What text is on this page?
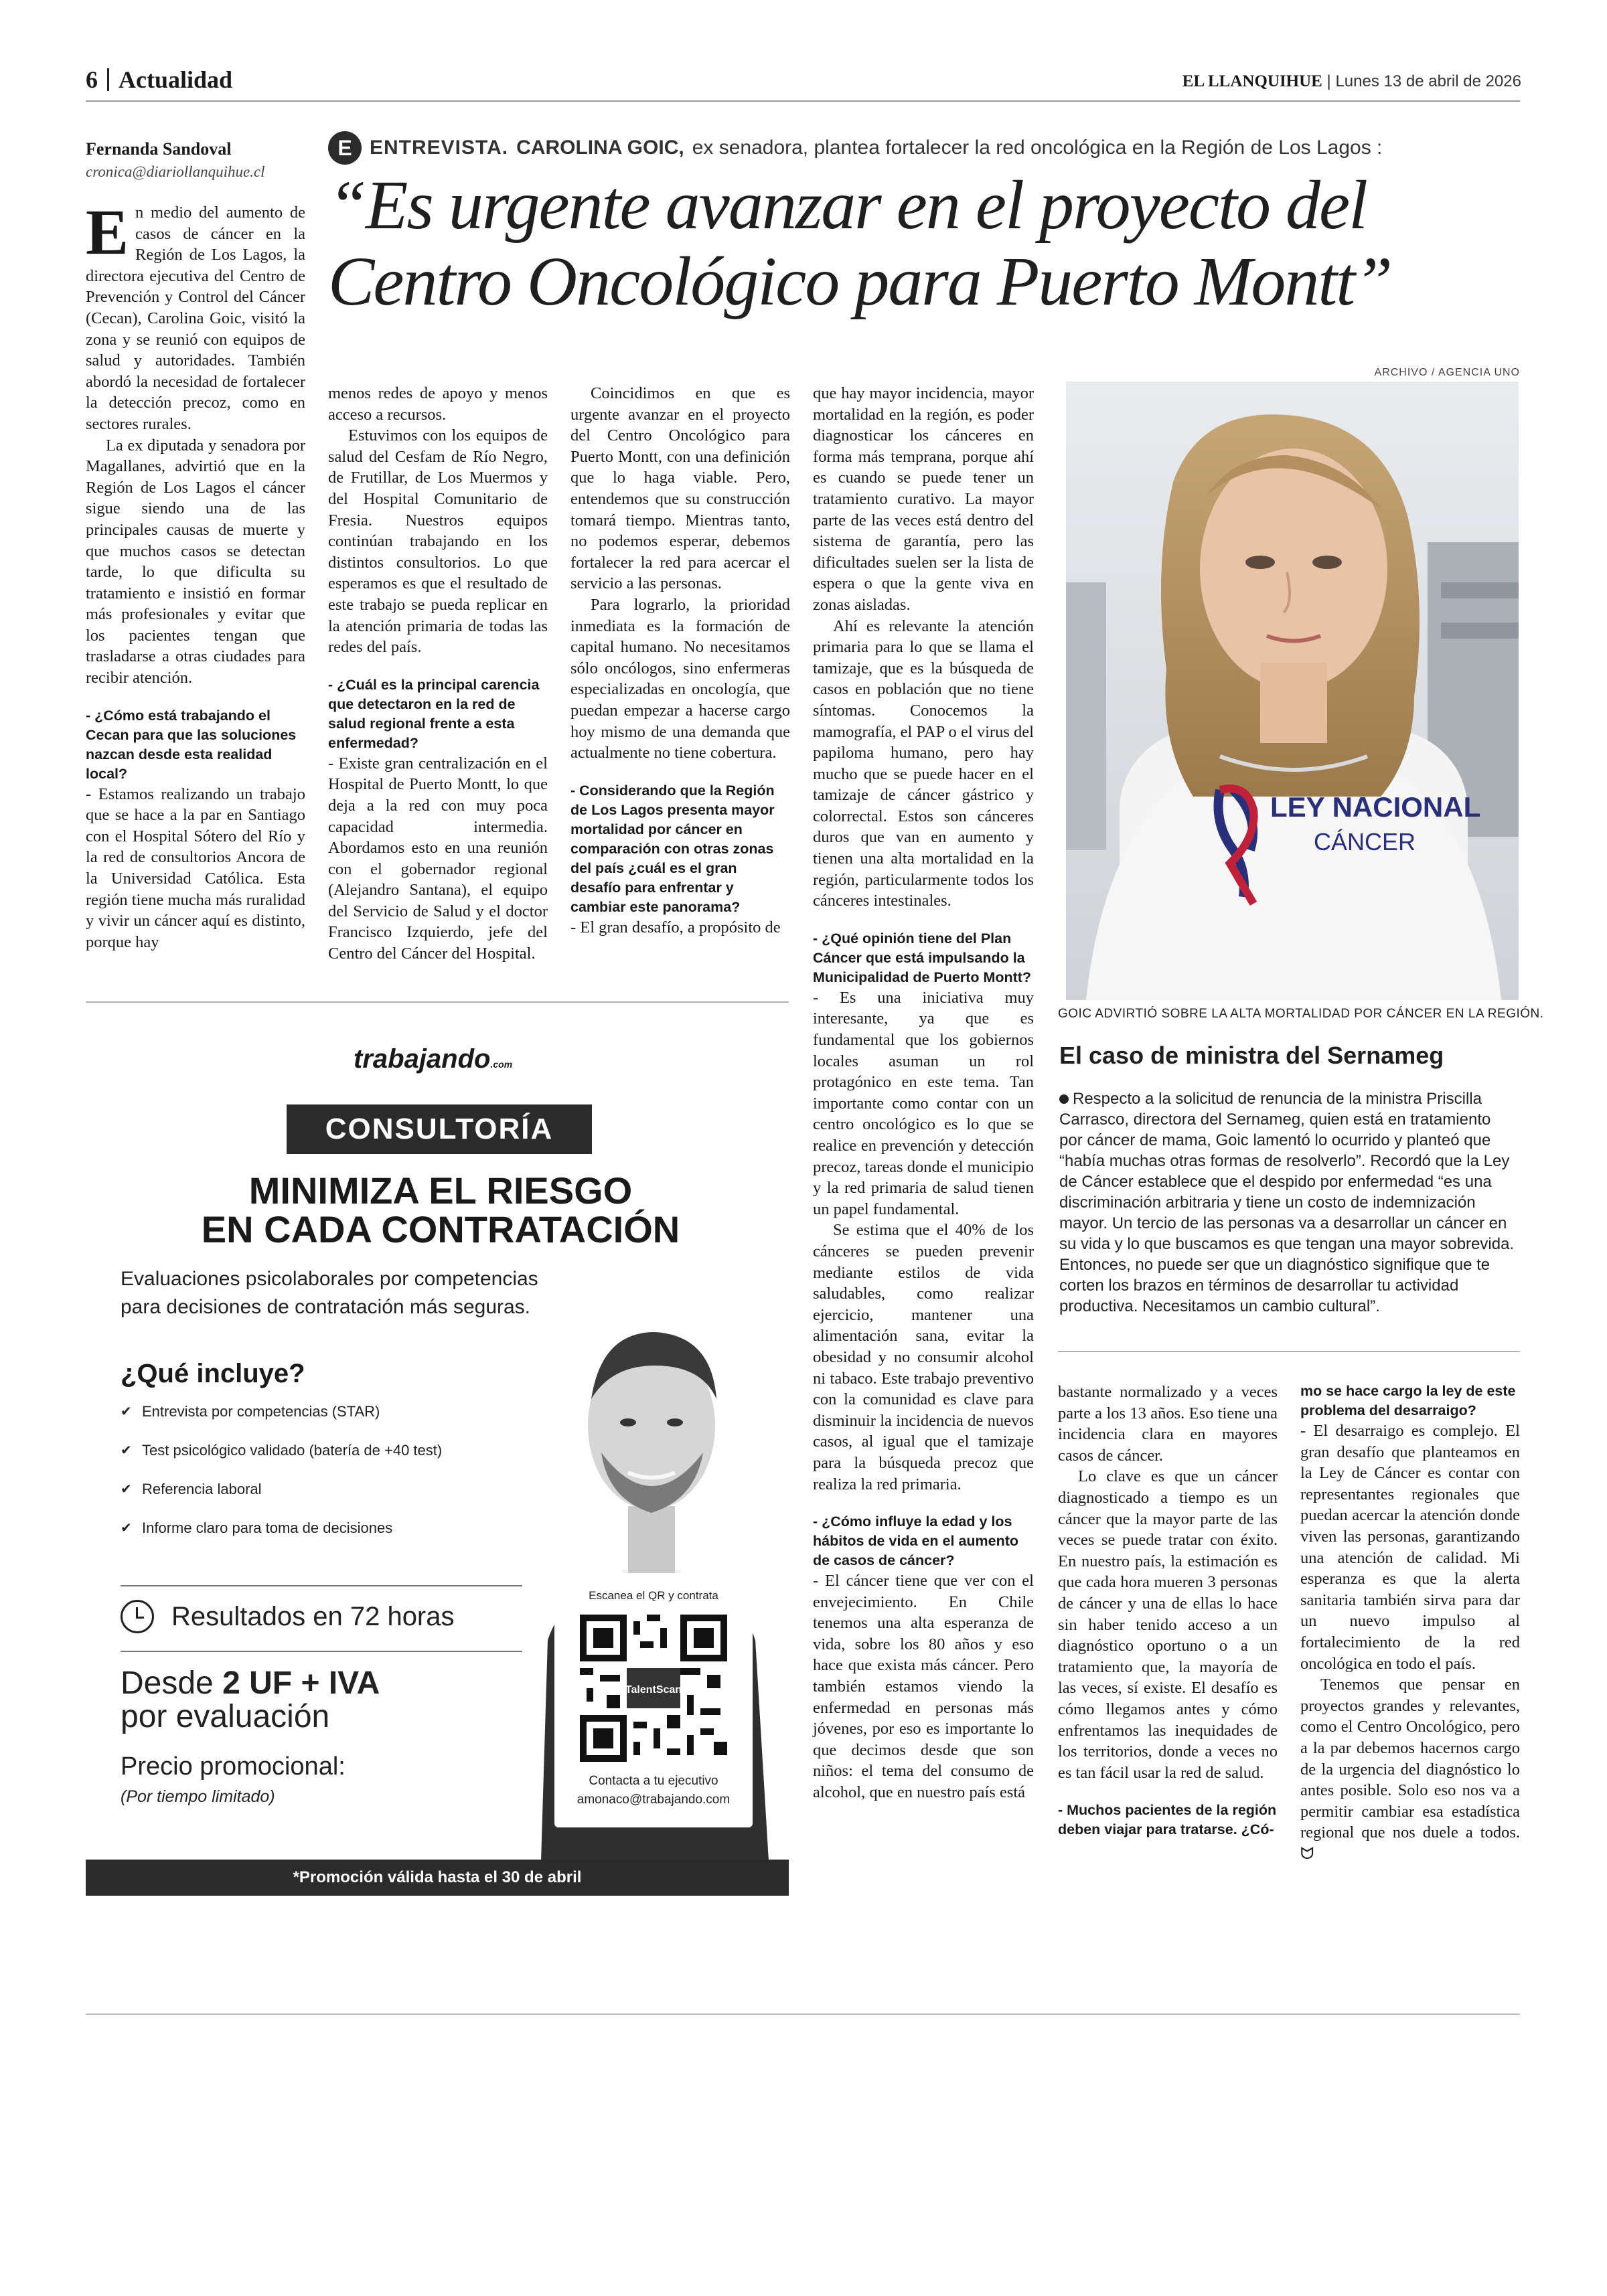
6 Actualidad	EL LLANQUIHUE | Lunes 13 de abril de 2026
Fernanda Sandoval
cronica@diariollanquihue.cl
E ENTREVISTA. CAROLINA GOIC, ex senadora, plantea fortalecer la red oncológica en la Región de Los Lagos :
“Es urgente avanzar en el proyecto del Centro Oncológico para Puerto Montt”
E n medio del aumento de casos de cáncer en la Región de Los Lagos, la directora ejecutiva del Centro de Prevención y Control del Cáncer (Cecan), Carolina Goic, visitó la zona y se reunió con equipos de salud y autoridades. También abordó la necesidad de fortalecer la detección precoz, como en sectores rurales.

La ex diputada y senadora por Magallanes, advirtió que en la Región de Los Lagos el cáncer sigue siendo una de las principales causas de muerte y que muchos casos se detectan tarde, lo que dificulta su tratamiento e insistió en formar más profesionales y evitar que los pacientes tengan que trasladarse a otras ciudades para recibir atención.

- ¿Cómo está trabajando el Cecan para que las soluciones nazcan desde esta realidad local?

- Estamos realizando un trabajo que se hace a la par en Santiago con el Hospital Sótero del Río y la red de consultorios Ancora de la Universidad Católica. Esta región tiene mucha más ruralidad y vivir un cáncer aquí es distinto, porque hay

menos redes de apoyo y menos acceso a recursos.

Estuvimos con los equipos de salud del Cesfam de Río Negro, de Frutillar, de Los Muermos y del Hospital Comunitario de Fresia. Nuestros equipos continúan trabajando en los distintos consultorios. Lo que esperamos es que el resultado de este trabajo se pueda replicar en la atención primaria de todas las redes del país.

- ¿Cuál es la principal carencia que detectaron en la red de salud regional frente a esta enfermedad?

- Existe gran centralización en el Hospital de Puerto Montt, lo que deja a la red con muy poca capacidad intermedia. Abordamos esto en una reunión con el gobernador regional (Alejandro Santana), el equipo del Servicio de Salud y el doctor Francisco Izquierdo, jefe del Centro del Cáncer del Hospital.

Coincidimos en que es urgente avanzar en el proyecto del Centro Oncológico para Puerto Montt, con una definición que lo haga viable. Pero, entendemos que su construcción tomará tiempo. Mientras tanto, no podemos esperar, debemos fortalecer la red para acercar el servicio a las personas.

Para lograrlo, la prioridad inmediata es la formación de capital humano. No necesitamos sólo oncólogos, sino enfermeras especializadas en oncología, que puedan empezar a hacerse cargo hoy mismo de una demanda que actualmente no tiene cobertura.

- Considerando que la Región de Los Lagos presenta mayor mortalidad por cáncer en comparación con otras zonas del país ¿cuál es el gran desafío para enfrentar y cambiar este panorama?

- El gran desafío, a propósito de

que hay mayor incidencia, mayor mortalidad en la región, es poder diagnosticar los cánceres en forma más temprana, porque ahí es cuando se puede tener un tratamiento curativo. La mayor parte de las veces está dentro del sistema de garantía, pero las dificultades suelen ser la lista de espera o que la gente viva en zonas aisladas.

Ahí es relevante la atención primaria para lo que se llama el tamizaje, que es la búsqueda de casos en población que no tiene síntomas. Conocemos la mamografía, el PAP o el virus del papiloma humano, pero hay mucho que se puede hacer en el tamizaje de cáncer gástrico y colorrectal. Estos son cánceres duros que van en aumento y tienen una alta mortalidad en la región, particularmente todos los cánceres intestinales.

- ¿Qué opinión tiene del Plan Cáncer que está impulsando la Municipalidad de Puerto Montt?

- Es una iniciativa muy interesante, ya que es fundamental que los gobiernos locales asuman un rol protagónico en este tema. Tan importante como contar con un centro oncológico es lo que se realice en prevención y detección precoz, tareas donde el municipio y la red primaria de salud tienen un papel fundamental.

Se estima que el 40% de los cánceres se pueden prevenir mediante estilos de vida saludables, como realizar ejercicio, mantener una alimentación sana, evitar la obesidad y no consumir alcohol ni tabaco. Este trabajo preventivo con la comunidad es clave para disminuir la incidencia de nuevos casos, al igual que el tamizaje para la búsqueda precoz que realiza la red primaria.

- ¿Cómo influye la edad y los hábitos de vida en el aumento de casos de cáncer?

- El cáncer tiene que ver con el envejecimiento. En Chile tenemos una alta esperanza de vida, sobre los 80 años y eso hace que exista más cáncer. Pero también estamos viendo la enfermedad en personas más jóvenes, por eso es importante lo que decimos desde que son niños: el tema del consumo de alcohol, que en nuestro país está

ARCHIVO / AGENCIA UNO
LEY NACIONAL
CÁNCER
GOIC ADVIRTIÓ SOBRE LA ALTA MORTALIDAD POR CÁNCER EN LA REGIÓN.
El caso de ministra del Sernameg
Respecto a la solicitud de renuncia de la ministra Priscilla Carrasco, directora del Sernameg, quien está en tratamiento por cáncer de mama, Goic lamentó lo ocurrido y planteó que “había muchas otras formas de resolverlo”. Recordó que la Ley de Cáncer establece que el despido por enfermedad “es una discriminación arbitraria y tiene un costo de indemnización mayor. Un tercio de las personas va a desarrollar un cáncer en su vida y lo que buscamos es que tengan una mayor sobrevida. Entonces, no puede ser que un diagnóstico signifique que te corten los brazos en términos de desarrollar tu actividad productiva. Necesitamos un cambio cultural”.

bastante normalizado y a veces parte a los 13 años. Eso tiene una incidencia clara en mayores casos de cáncer.

Lo clave es que un cáncer diagnosticado a tiempo es un cáncer que la mayor parte de las veces se puede tratar con éxito. En nuestro país, la estimación es que cada hora mueren 3 personas de cáncer y una de ellas lo hace sin haber tenido acceso a un diagnóstico oportuno o a un tratamiento que, la mayoría de las veces, sí existe. El desafío es cómo llegamos antes y cómo enfrentamos las inequidades de los territorios, donde a veces no es tan fácil usar la red de salud.

- Muchos pacientes de la región deben viajar para tratarse. ¿Có-

mo se hace cargo la ley de este problema del desarraigo?

- El desarraigo es complejo. El gran desafío que planteamos en la Ley de Cáncer es contar con representantes regionales que puedan acercar la atención donde viven las personas, garantizando una atención de calidad. Mi esperanza es que la alerta sanitaria también sirva para dar un nuevo impulso al fortalecimiento de la red oncológica en todo el país.

Tenemos que pensar en proyectos grandes y relevantes, como el Centro Oncológico, pero a la par debemos hacernos cargo de la urgencia del diagnóstico lo antes posible. Solo eso nos va a permitir cambiar esa estadística regional que nos duele a todos. ᗢ

trabajando.com
CONSULTORÍA
MINIMIZA EL RIESGO
EN CADA CONTRATACIÓN
Evaluaciones psicolaborales por competencias para decisiones de contratación más seguras.
¿Qué incluye?
✔ Entrevista por competencias (STAR)
✔ Test psicológico validado (batería de +40 test)
✔ Referencia laboral
✔ Informe claro para toma de decisiones
Resultados en 72 horas
Desde 2 UF + IVA
por evaluación
Precio promocional:
(Por tiempo limitado)
Escanea el QR y contrata
TalentScan
Contacta a tu ejecutivo
amonaco@trabajando.com
*Promoción válida hasta el 30 de abril
